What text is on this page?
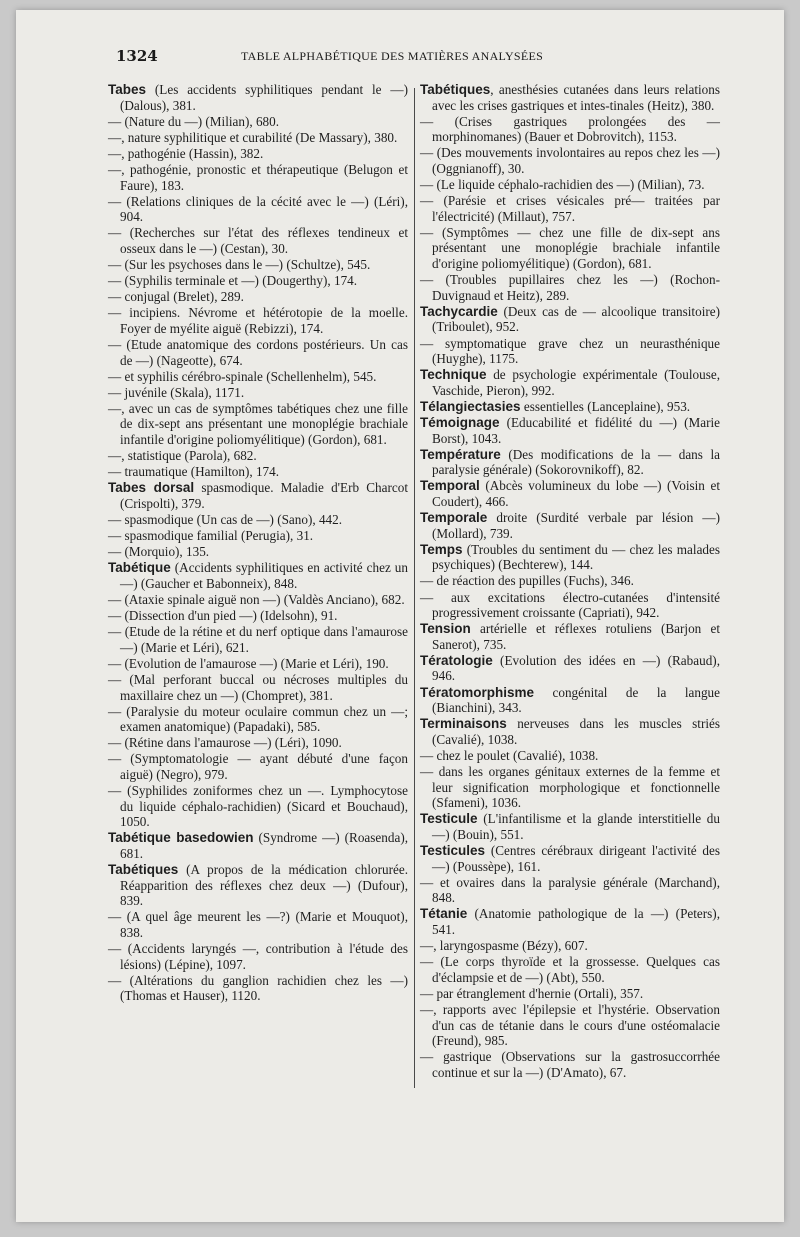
1324	TABLE ALPHABÉTIQUE DES MATIÈRES ANALYSÉES

Tabes (Les accidents syphilitiques pendant le —) (Dalous), 381.

— (Nature du —) (Milian), 680.

—, nature syphilitique et curabilité (De Massary), 380.

—, pathogénie (Hassin), 382.

—, pathogénie, pronostic et thérapeutique (Belugon et Faure), 183.

— (Relations cliniques de la cécité avec le —) (Léri), 904.

— (Recherches sur l'état des réflexes tendineux et osseux dans le —) (Cestan), 30.

— (Sur les psychoses dans le —) (Schultze), 545.

— (Syphilis terminale et —) (Dougerthy), 174.

— conjugal (Brelet), 289.

— incipiens. Névrome et hétérotopie de la moelle. Foyer de myélite aiguë (Rebizzi), 174.

— (Etude anatomique des cordons postérieurs. Un cas de —) (Nageotte), 674.

— et syphilis cérébro-spinale (Schellenhelm), 545.

— juvénile (Skala), 1171.

—, avec un cas de symptômes tabétiques chez une fille de dix-sept ans présentant une monoplégie brachiale infantile d'origine poliomyélitique) (Gordon), 681.

—, statistique (Parola), 682.

— traumatique (Hamilton), 174.

Tabes dorsal spasmodique. Maladie d'Erb Charcot (Crispolti), 379.

— spasmodique (Un cas de —) (Sano), 442.

— spasmodique familial (Perugia), 31.

— (Morquio), 135.

Tabétique (Accidents syphilitiques en activité chez un —) (Gaucher et Babonneix), 848.

— (Ataxie spinale aiguë non —) (Valdès Anciano), 682.

— (Dissection d'un pied —) (Idelsohn), 91.

— (Etude de la rétine et du nerf optique dans l'amaurose —) (Marie et Léri), 621.

— (Evolution de l'amaurose —) (Marie et Léri), 190.

— (Mal perforant buccal ou nécroses multiples du maxillaire chez un —) (Chompret), 381.

— (Paralysie du moteur oculaire commun chez un —; examen anatomique) (Papadaki), 585.

— (Rétine dans l'amaurose —) (Léri), 1090.

— (Symptomatologie — ayant débuté d'une façon aiguë) (Negro), 979.

— (Syphilides zoniformes chez un —. Lymphocytose du liquide céphalo-rachidien) (Sicard et Bouchaud), 1050.

Tabétique basedowien (Syndrome —) (Roasenda), 681.

Tabétiques (A propos de la médication chlorurée. Réapparition des réflexes chez deux —) (Dufour), 839.

— (A quel âge meurent les —?) (Marie et Mouquot), 838.

— (Accidents laryngés —, contribution à l'étude des lésions) (Lépine), 1097.

— (Altérations du ganglion rachidien chez les —) (Thomas et Hauser), 1120.

Tabétiques, anesthésies cutanées dans leurs relations avec les crises gastriques et intes-tinales (Heitz), 380.

— (Crises gastriques prolongées des — morphinomanes) (Bauer et Dobrovitch), 1153.

— (Des mouvements involontaires au repos chez les —) (Oggnianoff), 30.

— (Le liquide céphalo-rachidien des —) (Milian), 73.

— (Parésie et crises vésicales pré— traitées par l'électricité) (Millaut), 757.

— (Symptômes — chez une fille de dix-sept ans présentant une monoplégie brachiale infantile d'origine poliomyélitique) (Gordon), 681.

— (Troubles pupillaires chez les —) (Rochon-Duvignaud et Heitz), 289.

Tachycardie (Deux cas de — alcoolique transitoire) (Triboulet), 952.

— symptomatique grave chez un neurasthénique (Huyghe), 1175.

Technique de psychologie expérimentale (Toulouse, Vaschide, Pieron), 992.

Télangiectasies essentielles (Lanceplaine), 953.

Témoignage (Educabilité et fidélité du —) (Marie Borst), 1043.

Température (Des modifications de la — dans la paralysie générale) (Sokorovnikoff), 82.

Temporal (Abcès volumineux du lobe —) (Voisin et Coudert), 466.

Temporale droite (Surdité verbale par lésion —) (Mollard), 739.

Temps (Troubles du sentiment du — chez les malades psychiques) (Bechterew), 144.

— de réaction des pupilles (Fuchs), 346.

— aux excitations électro-cutanées d'intensité progressivement croissante (Capriati), 942.

Tension artérielle et réflexes rotuliens (Barjon et Sanerot), 735.

Tératologie (Evolution des idées en —) (Rabaud), 946.

Tératomorphisme congénital de la langue (Bianchini), 343.

Terminaisons nerveuses dans les muscles striés (Cavalié), 1038.

— chez le poulet (Cavalié), 1038.

— dans les organes génitaux externes de la femme et leur signification morphologique et fonctionnelle (Sfameni), 1036.

Testicule (L'infantilisme et la glande interstitielle du —) (Bouin), 551.

Testicules (Centres cérébraux dirigeant l'activité des —) (Poussèpe), 161.

— et ovaires dans la paralysie générale (Marchand), 848.

Tétanie (Anatomie pathologique de la —) (Peters), 541.

—, laryngospasme (Bézy), 607.

— (Le corps thyroïde et la grossesse. Quelques cas d'éclampsie et de —) (Abt), 550.

— par étranglement d'hernie (Ortali), 357.

—, rapports avec l'épilepsie et l'hystérie. Observation d'un cas de tétanie dans le cours d'une ostéomalacie (Freund), 985.

— gastrique (Observations sur la gastrosuccorrhée continue et sur la —) (D'Amato), 67.
